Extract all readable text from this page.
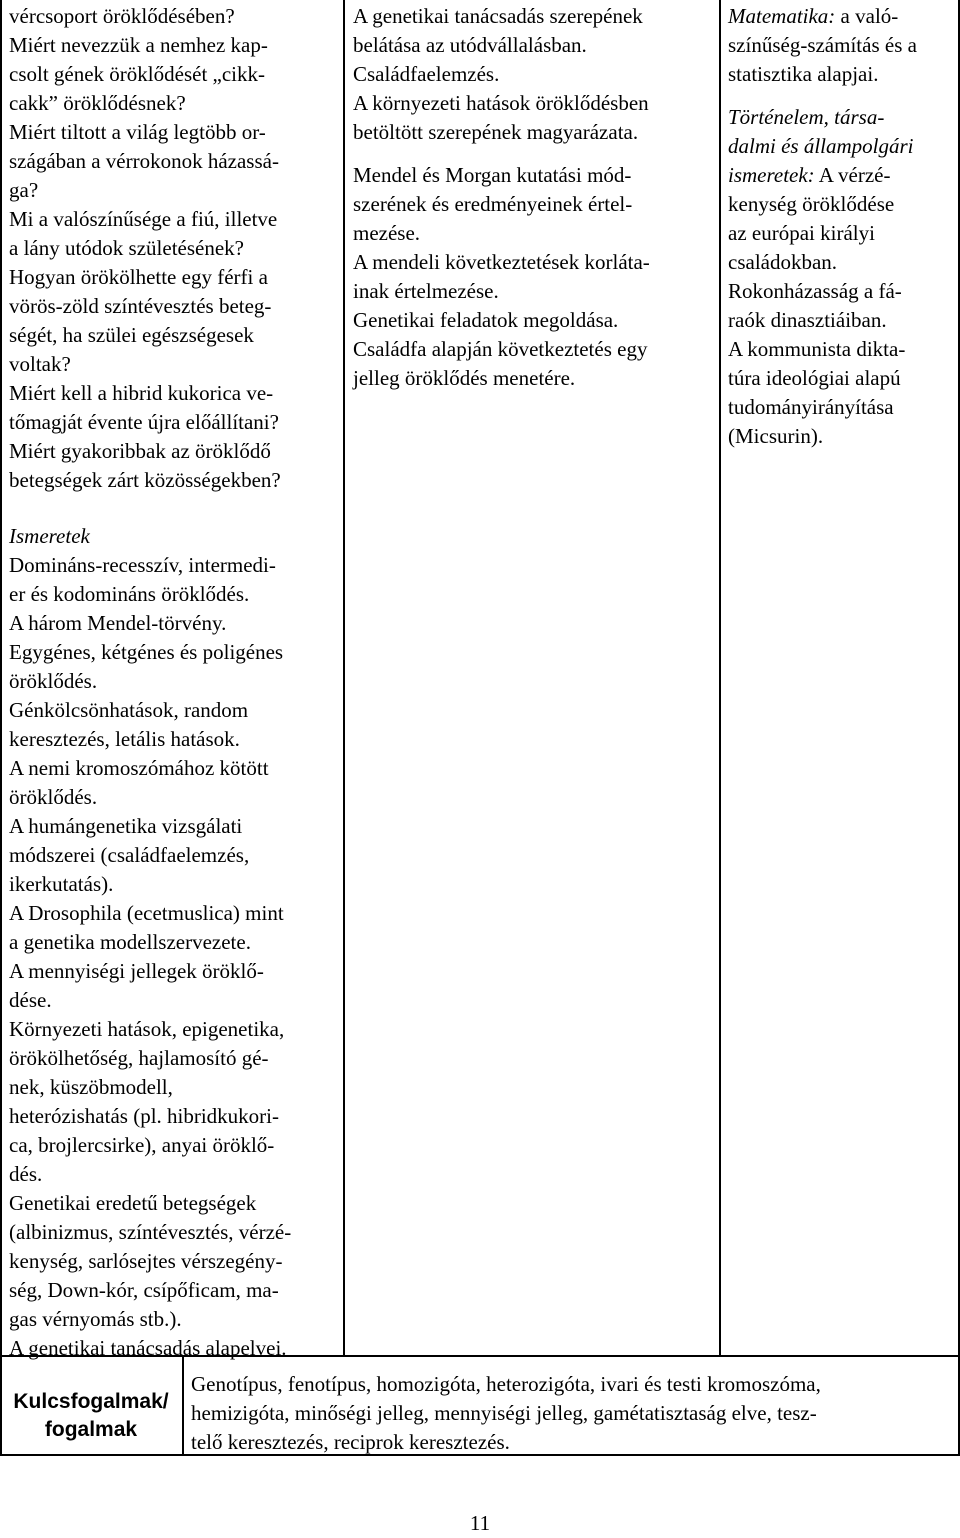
vércsoport öröklődésében?
Miért nevezzük a nemhez kap-
csolt gének öröklődését „cikk-
cakk” öröklődésnek?
Miért tiltott a világ legtöbb or-
szágában a vérrokonok házassá-
ga?
Mi a valószínűsége a fiú, illetve
a lány utódok születésének?
Hogyan örökölhette egy férfi a
vörös-zöld színtévesztés beteg-
ségét, ha szülei egészségesek
voltak?
Miért kell a hibrid kukorica ve-
tőmagját évente újra előállítani?
Miért gyakoribbak az öröklődő
betegségek zárt közösségekben?
Ismeretek
Domináns-recesszív, intermedi-
er és kodomináns öröklődés.
A három Mendel-törvény.
Egygénes, kétgénes és poligénes
öröklődés.
Génkölcsönhatások, random
keresztezés, letális hatások.
A nemi kromoszómához kötött
öröklődés.
A humángenetika vizsgálati
módszerei (családfaelemzés,
ikerkutatás).
A Drosophila (ecetmuslica) mint
a genetika modellszervezete.
A mennyiségi jellegek öröklő-
dése.
Környezeti hatások, epigenetika,
örökölhetőség, hajlamosító gé-
nek, küszöbmodell,
heterózishatás (pl. hibridkukori-
ca, brojlercsirke), anyai öröklő-
dés.
Genetikai eredetű betegségek
(albinizmus, színtévesztés, vérzé-
kenység, sarlósejtes vérszegény-
ség, Down-kór, csípőficam, ma-
gas vérnyomás stb.).
A genetikai tanácsadás alapelvei.
A genetikai tanácsadás szerepének
belátása az utódvállalásban.
Családfaelemzés.
A környezeti hatások öröklődésben
betöltött szerepének magyarázata.
Mendel és Morgan kutatási mód-
szerének és eredményeinek értel-
mezése.
A mendeli következtetések korláta-
inak értelmezése.
Genetikai feladatok megoldása.
Családfa alapján következtetés egy
jelleg öröklődés menetére.
Matematika: a való-
színűség-számítás és a
statisztika alapjai.
Történelem, társa-
dalmi és állampolgári
ismeretek: A vérzé-
kenység öröklődése
az európai királyi
családokban.
Rokonházasság a fá-
raók dinasztiáiban.
A kommunista dikta-
túra ideológiai alapú
tudományirányítása
(Micsurin).
Kulcsfogalmak/
fogalmak
Genotípus, fenotípus, homozigóta, heterozigóta, ivari és testi kromoszóma,
hemizigóta, minőségi jelleg, mennyiségi jelleg, gamétatisztaság elve, tesz-
telő keresztezés, reciprok keresztezés.
11
